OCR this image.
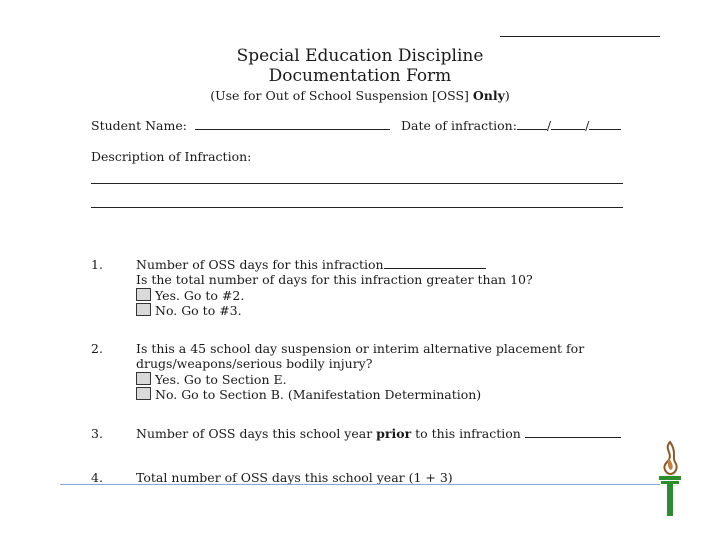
Special Education Discipline
Documentation Form
(Use for Out of School Suspension [OSS] Only)
Student Name:	Date of infraction: /	/
Description of Infraction:
1.	Number of OSS days for this infraction
Is the total number of days for this infraction greater than 10?
Yes. Go to #2.
No. Go to #3.
2.	Is this a 45 school day suspension or interim alternative placement for
drugs/weapons/serious bodily injury?
Yes. Go to Section E.
No. Go to Section B. (Manifestation Determination)
3.	Number of OSS days this school year prior to this infraction
4.	Total number of OSS days this school year (1 + 3)
